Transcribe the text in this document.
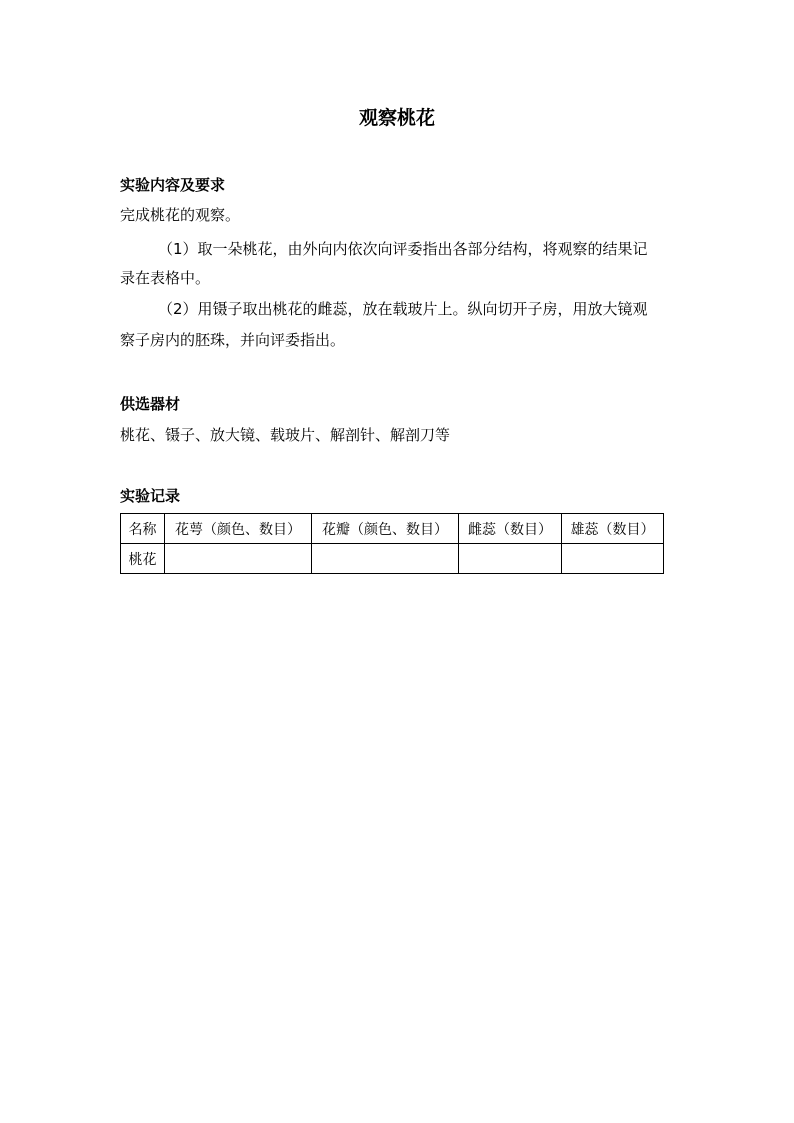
观察桃花
实验内容及要求
完成桃花的观察。
（1）取一朵桃花，由外向内依次向评委指出各部分结构，将观察的结果记
录在表格中。
（2）用镊子取出桃花的雌蕊，放在载玻片上。纵向切开子房，用放大镜观
察子房内的胚珠，并向评委指出。
供选器材
桃花、镊子、放大镜、载玻片、解剖针、解剖刀等
实验记录
名称	花萼（颜色、数目）	花瓣（颜色、数目）	雌蕊（数目）	雄蕊（数目）
桃花				
